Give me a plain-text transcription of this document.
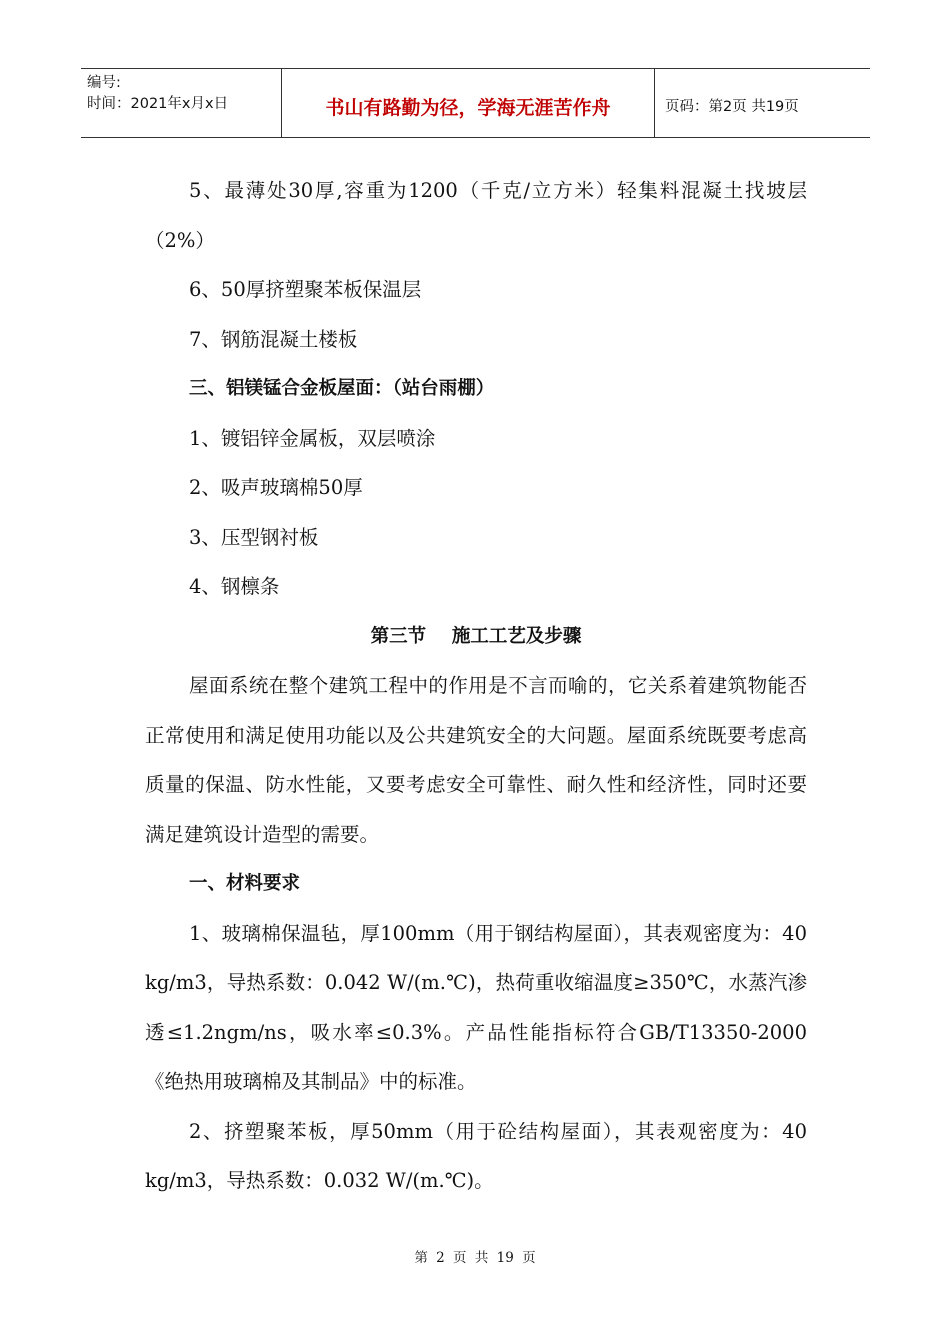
编号:
时间：2021年x月x日	书山有路勤为径，学海无涯苦作舟	页码：第2页 共19页

5、最薄处30厚,容重为1200（千克/立方米）轻集料混凝土找坡层（2%）

6、50厚挤塑聚苯板保温层

7、钢筋混凝土楼板

三、铝镁锰合金板屋面：（站台雨棚）

1、镀铝锌金属板，双层喷涂

2、吸声玻璃棉50厚

3、压型钢衬板

4、钢檩条

第三节    施工工艺及步骤

屋面系统在整个建筑工程中的作用是不言而喻的，它关系着建筑物能否正常使用和满足使用功能以及公共建筑安全的大问题。屋面系统既要考虑高质量的保温、防水性能，又要考虑安全可靠性、耐久性和经济性，同时还要满足建筑设计造型的需要。

一、材料要求

1、玻璃棉保温毡，厚100mm（用于钢结构屋面），其表观密度为：40 kg/m3，导热系数：0.042 W/(m.℃)，热荷重收缩温度≥350℃，水蒸汽渗透≤1.2ngm/ns，吸水率≤0.3%。产品性能指标符合GB/T13350-2000《绝热用玻璃棉及其制品》中的标准。

2、挤塑聚苯板，厚50mm（用于砼结构屋面），其表观密度为：40 kg/m3，导热系数：0.032 W/(m.℃)。

第 2 页 共 19 页
